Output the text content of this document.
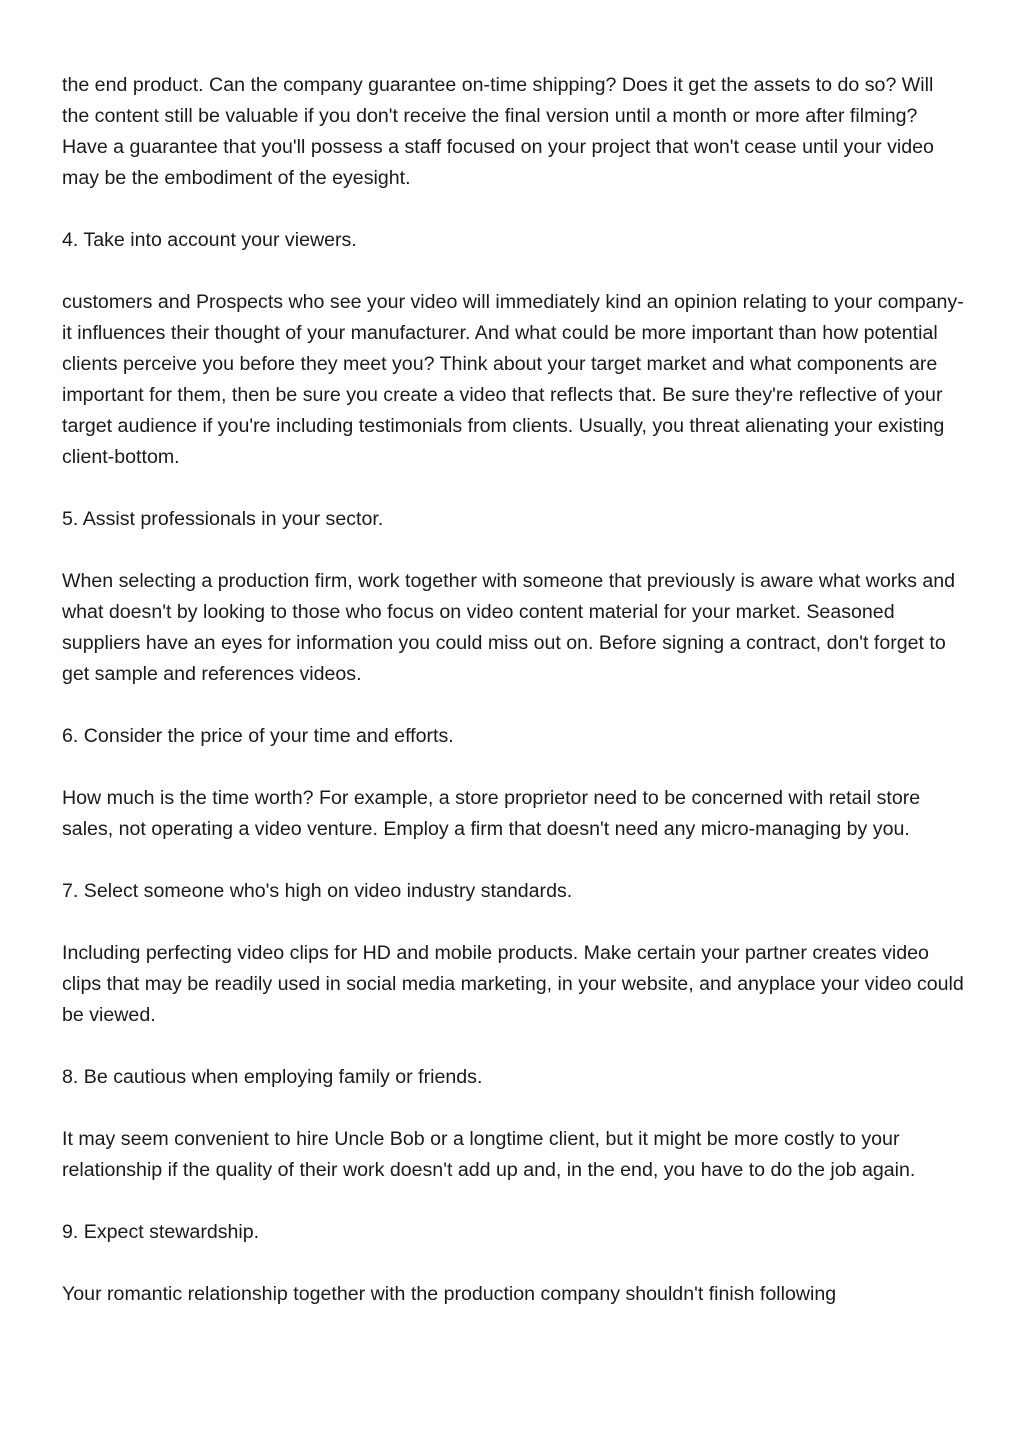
the end product. Can the company guarantee on-time shipping? Does it get the assets to do so? Will the content still be valuable if you don't receive the final version until a month or more after filming? Have a guarantee that you'll possess a staff focused on your project that won't cease until your video may be the embodiment of the eyesight.

4. Take into account your viewers.

customers and Prospects who see your video will immediately kind an opinion relating to your company-it influences their thought of your manufacturer. And what could be more important than how potential clients perceive you before they meet you? Think about your target market and what components are important for them, then be sure you create a video that reflects that. Be sure they're reflective of your target audience if you're including testimonials from clients. Usually, you threat alienating your existing client-bottom.

5. Assist professionals in your sector.

When selecting a production firm, work together with someone that previously is aware what works and what doesn't by looking to those who focus on video content material for your market. Seasoned suppliers have an eyes for information you could miss out on. Before signing a contract, don't forget to get sample and references videos.

6. Consider the price of your time and efforts.

How much is the time worth? For example, a store proprietor need to be concerned with retail store sales, not operating a video venture. Employ a firm that doesn't need any micro-managing by you.

7. Select someone who's high on video industry standards.

Including perfecting video clips for HD and mobile products. Make certain your partner creates video clips that may be readily used in social media marketing, in your website, and anyplace your video could be viewed.

8. Be cautious when employing family or friends.

It may seem convenient to hire Uncle Bob or a longtime client, but it might be more costly to your relationship if the quality of their work doesn't add up and, in the end, you have to do the job again.

9. Expect stewardship.

Your romantic relationship together with the production company shouldn't finish following
